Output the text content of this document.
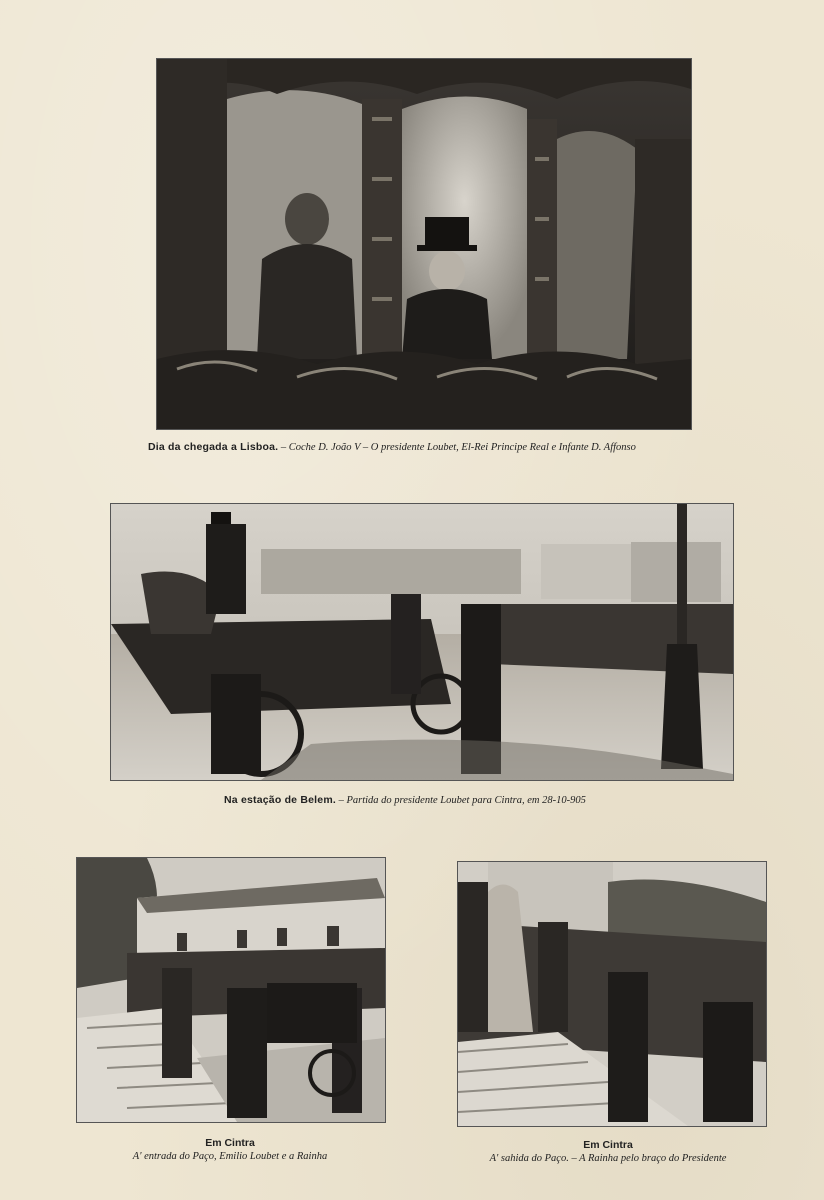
Dia da chegada a Lisboa. – Coche D. João V – O presidente Loubet, El-Rei Principe Real e Infante D. Affonso
Na estação de Belem. – Partida do presidente Loubet para Cintra, em 28-10-905
Em Cintra
A' entrada do Paço, Emilio Loubet e a Rainha
Em Cintra
A' sahida do Paço. – A Rainha pelo braço do Presidente
